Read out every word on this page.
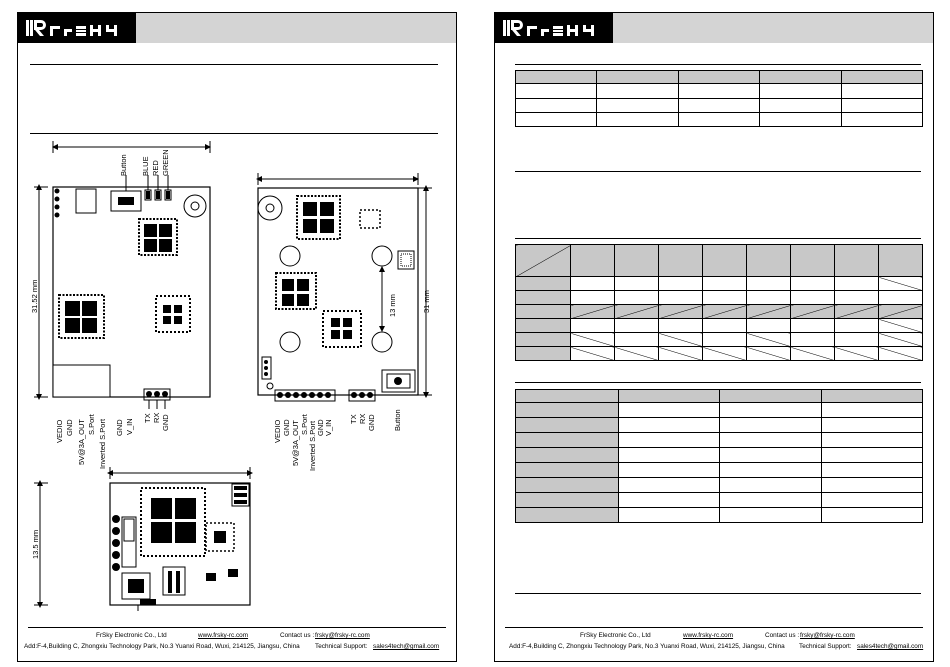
31.52 mm
Button BLUE RED GREEN
VEDIO GND 5V@3A_OUT S.Port Inverted S.Port GND V_IN
TX RX GND
31 mm
13 mm
VEDIO GND 5V@3A_OUT S.Port Inverted S.Port GND V_IN
TX RX GND Button
13.5 mm
FrSky Electronic Co., Ltd	www.frsky-rc.com	Contact us : frsky@frsky-rc.com
Add:F-4,Building C, Zhongxiu Technology Park, No.3 Yuanxi Road, Wuxi, 214125, Jiangsu, China Technical Support: sales4tech@gmail.com

FrSky Electronic Co., Ltd	www.frsky-rc.com	Contact us : frsky@frsky-rc.com
Add:F-4,Building C, Zhongxiu Technology Park, No.3 Yuanxi Road, Wuxi, 214125, Jiangsu, China Technical Support: sales4tech@gmail.com
